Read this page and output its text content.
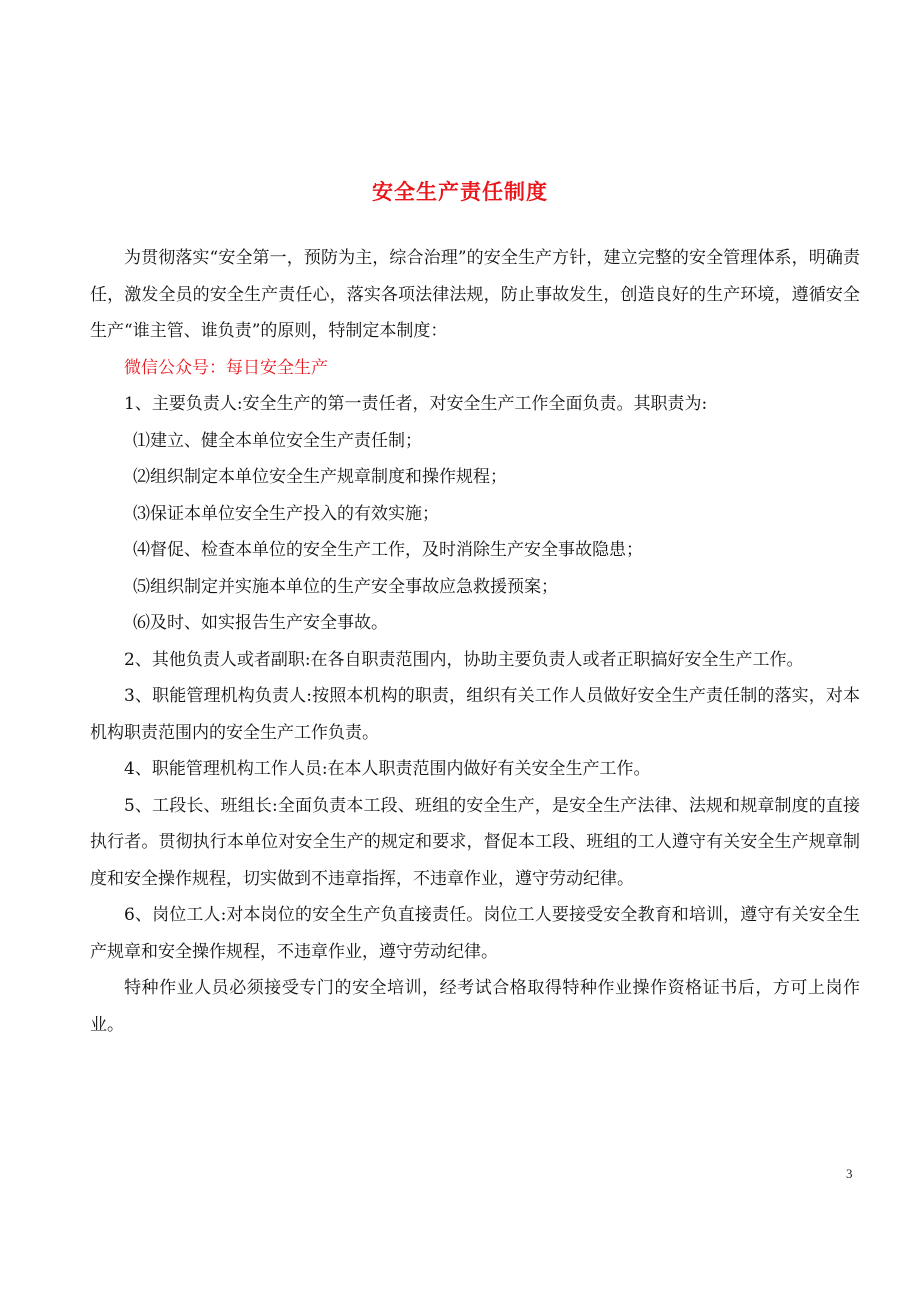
安全生产责任制度

为贯彻落实“安全第一，预防为主，综合治理”的安全生产方针，建立完整的安全管理体系，明确责任，激发全员的安全生产责任心，落实各项法律法规，防止事故发生，创造良好的生产环境，遵循安全生产“谁主管、谁负责”的原则，特制定本制度：

微信公众号：每日安全生产

1、主要负责人:安全生产的第一责任者，对安全生产工作全面负责。其职责为:

⑴建立、健全本单位安全生产责任制；

⑵组织制定本单位安全生产规章制度和操作规程；

⑶保证本单位安全生产投入的有效实施；

⑷督促、检查本单位的安全生产工作，及时消除生产安全事故隐患；

⑸组织制定并实施本单位的生产安全事故应急救援预案；

⑹及时、如实报告生产安全事故。

2、其他负责人或者副职:在各自职责范围内，协助主要负责人或者正职搞好安全生产工作。

3、职能管理机构负责人:按照本机构的职责，组织有关工作人员做好安全生产责任制的落实，对本机构职责范围内的安全生产工作负责。

4、职能管理机构工作人员:在本人职责范围内做好有关安全生产工作。

5、工段长、班组长:全面负责本工段、班组的安全生产，是安全生产法律、法规和规章制度的直接执行者。贯彻执行本单位对安全生产的规定和要求，督促本工段、班组的工人遵守有关安全生产规章制度和安全操作规程，切实做到不违章指挥，不违章作业，遵守劳动纪律。

6、岗位工人:对本岗位的安全生产负直接责任。岗位工人要接受安全教育和培训，遵守有关安全生产规章和安全操作规程，不违章作业，遵守劳动纪律。

特种作业人员必须接受专门的安全培训，经考试合格取得特种作业操作资格证书后，方可上岗作业。

3
